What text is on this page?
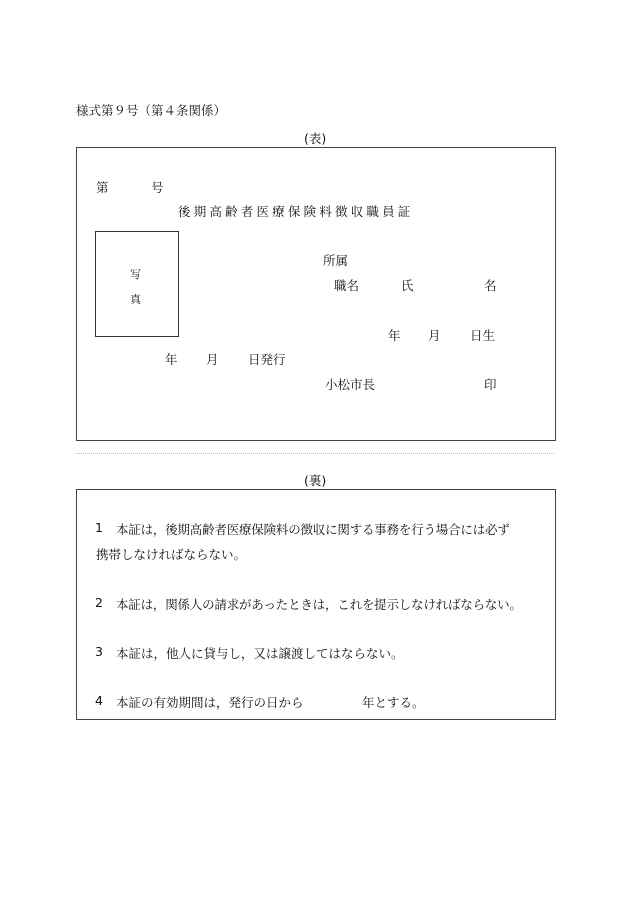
様式第９号（第４条関係）
(表)
第	号
後期高齢者医療保険料徴収職員証
写
真
所属
職名	氏	名
年 月 日生
年 月 日発行
小松市長	印
(裏)
1 本証は，後期高齢者医療保険料の徴収に関する事務を行う場合には必ず
携帯しなければならない。
2 本証は，関係人の請求があったときは，これを提示しなければならない。
3 本証は，他人に貸与し，又は譲渡してはならない。
4 本証の有効期間は，発行の日から	年とする。
